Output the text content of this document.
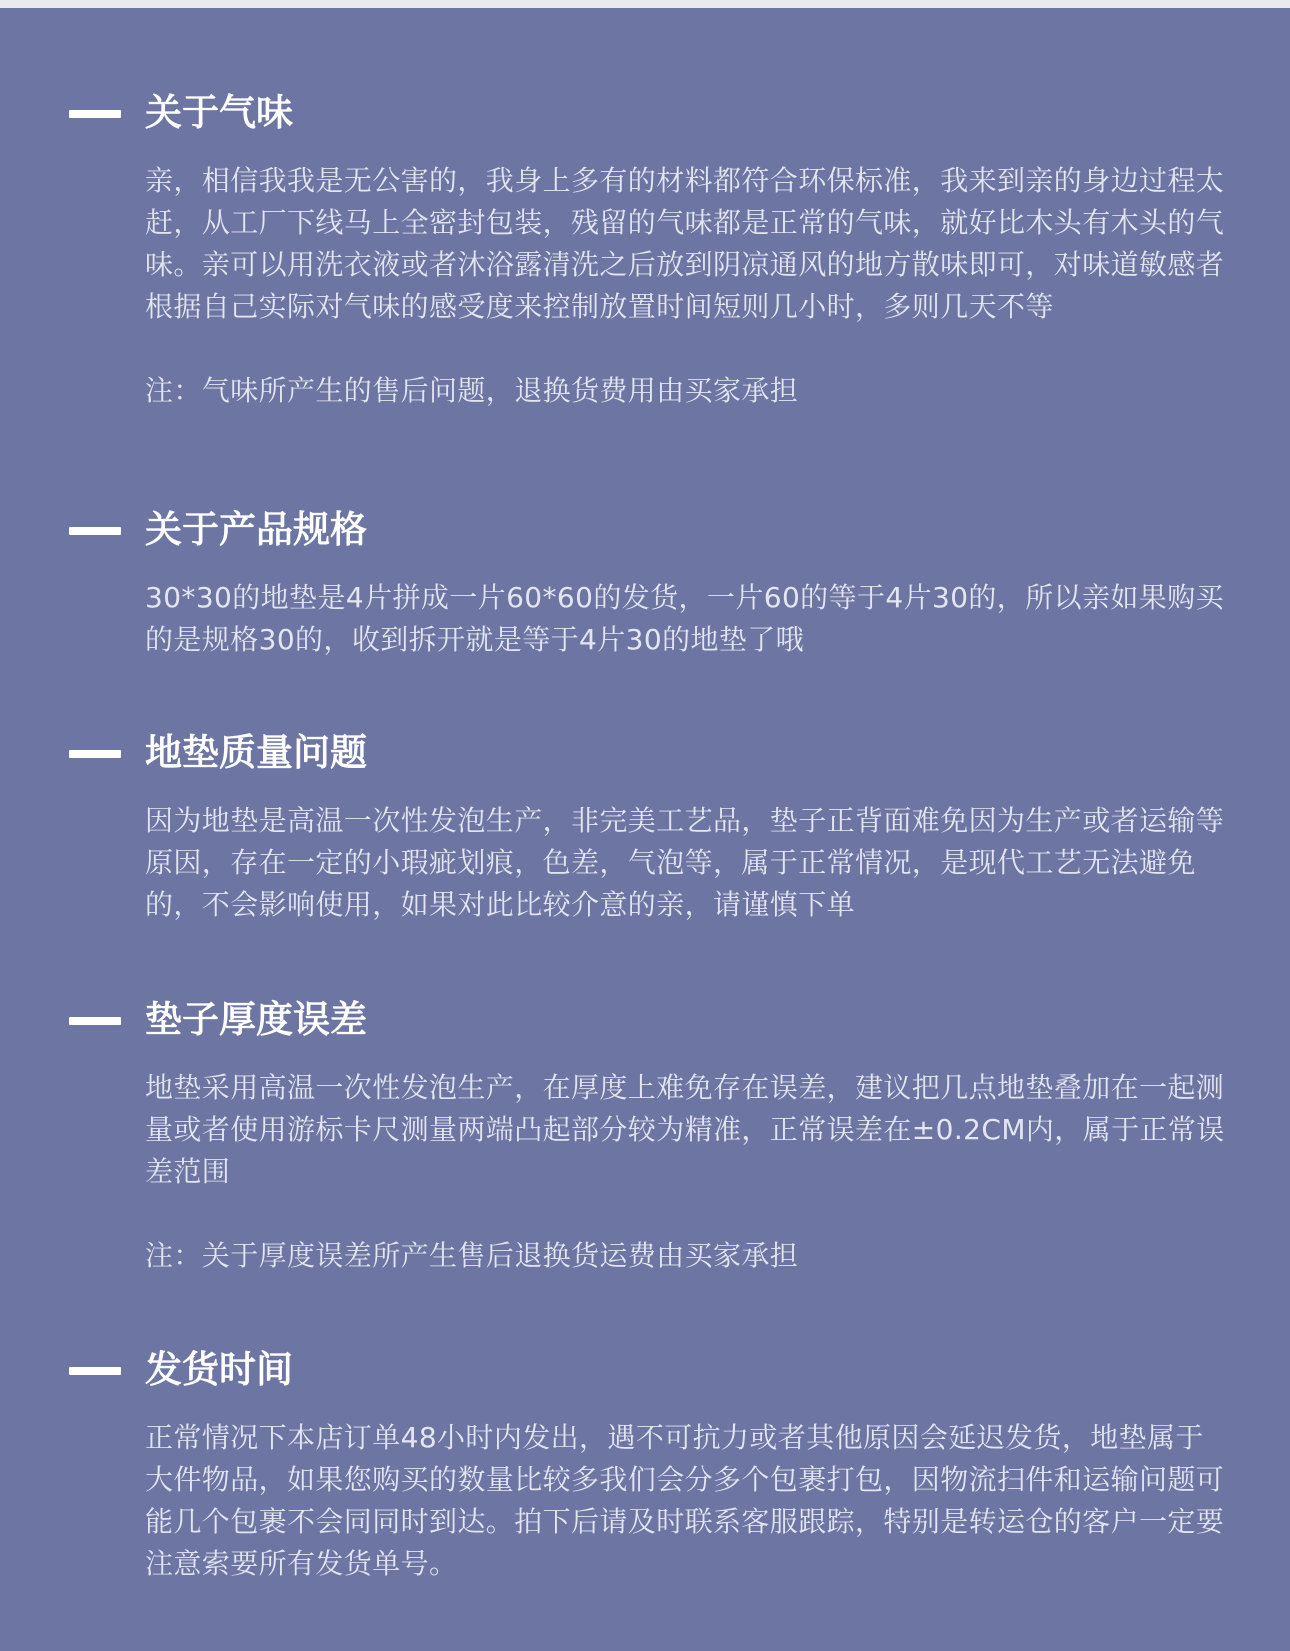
关于气味

亲，相信我我是无公害的，我身上多有的材料都符合环保标准，我来到亲的身边过程太赶，从工厂下线马上全密封包装，残留的气味都是正常的气味，就好比木头有木头的气味。亲可以用洗衣液或者沐浴露清洗之后放到阴凉通风的地方散味即可，对味道敏感者根据自己实际对气味的感受度来控制放置时间短则几小时，多则几天不等

注：气味所产生的售后问题，退换货费用由买家承担

关于产品规格

30*30的地垫是4片拼成一片60*60的发货，一片60的等于4片30的，所以亲如果购买的是规格30的，收到拆开就是等于4片30的地垫了哦

地垫质量问题

因为地垫是高温一次性发泡生产，非完美工艺品，垫子正背面难免因为生产或者运输等原因，存在一定的小瑕疵划痕，色差，气泡等，属于正常情况，是现代工艺无法避免的，不会影响使用，如果对此比较介意的亲，请谨慎下单

垫子厚度误差

地垫采用高温一次性发泡生产，在厚度上难免存在误差，建议把几点地垫叠加在一起测量或者使用游标卡尺测量两端凸起部分较为精准，正常误差在±0.2CM内，属于正常误差范围

注：关于厚度误差所产生售后退换货运费由买家承担

发货时间

正常情况下本店订单48小时内发出，遇不可抗力或者其他原因会延迟发货，地垫属于大件物品，如果您购买的数量比较多我们会分多个包裹打包，因物流扫件和运输问题可能几个包裹不会同同时到达。拍下后请及时联系客服跟踪，特别是转运仓的客户一定要注意索要所有发货单号。
